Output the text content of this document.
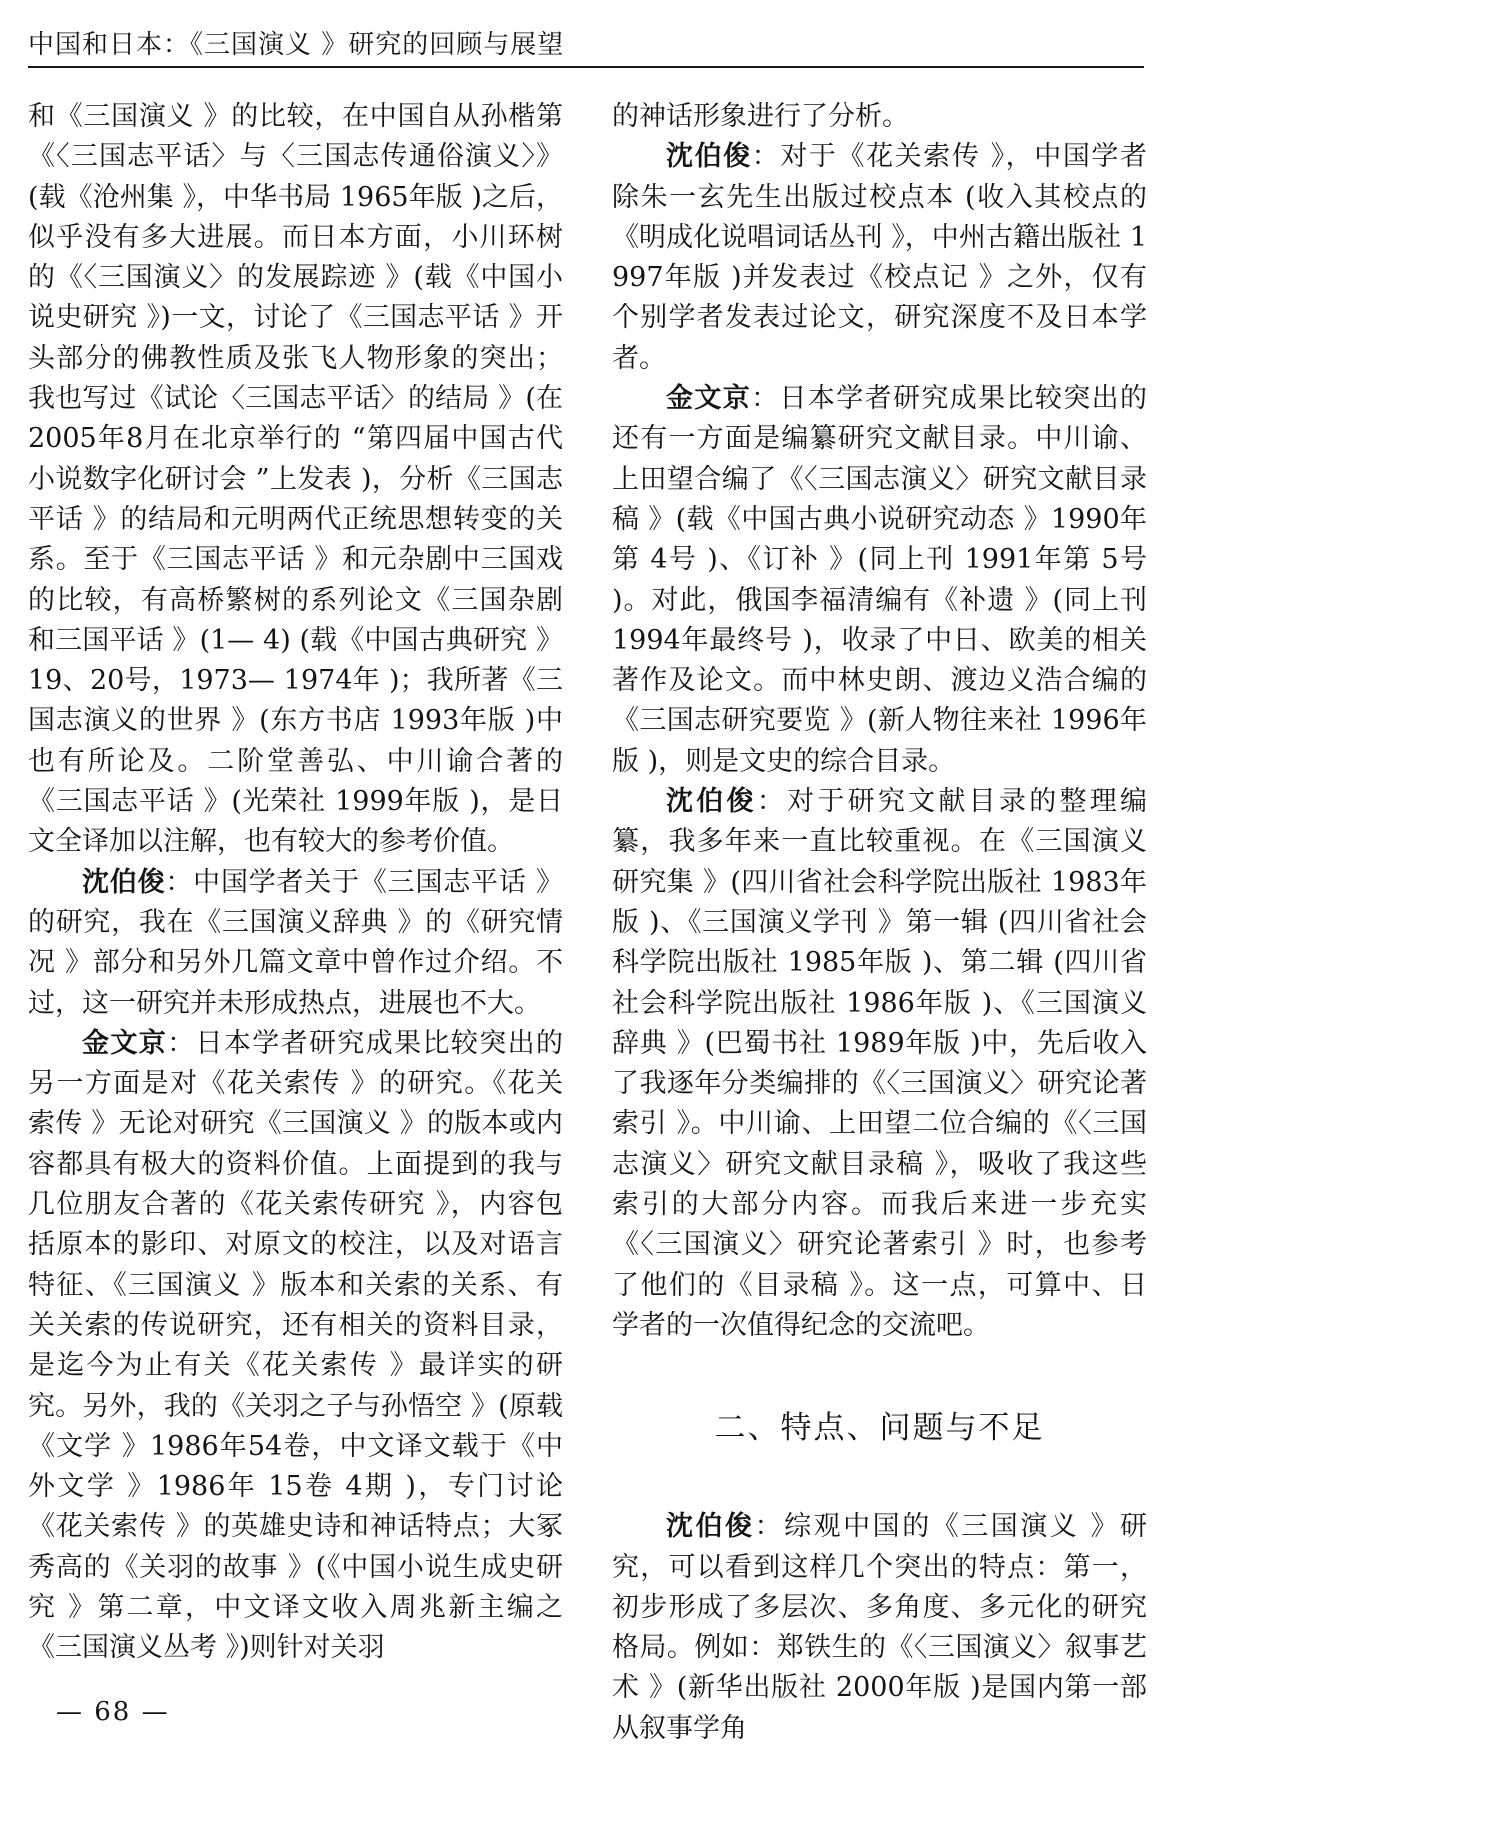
中国和日本：《三国演义 》研究的回顾与展望

和《三国演义 》的比较，在中国自从孙楷第《〈三国志平话〉与〈三国志传通俗演义〉》(载《沧州集 》，中华书局 1965年版 )之后，似乎没有多大进展。而日本方面，小川环树的《〈三国演义〉的发展踪迹 》(载《中国小说史研究 》)一文，讨论了《三国志平话 》开头部分的佛教性质及张飞人物形象的突出；我也写过《试论〈三国志平话〉的结局 》(在 2005年8月在北京举行的 “第四届中国古代小说数字化研讨会 ”上发表 )，分析《三国志平话 》的结局和元明两代正统思想转变的关系。至于《三国志平话 》和元杂剧中三国戏的比较，有高桥繁树的系列论文《三国杂剧和三国平话 》(1— 4) (载《中国古典研究 》19、20号，1973— 1974年 )；我所著《三国志演义的世界 》(东方书店 1993年版 )中也有所论及。二阶堂善弘、中川谕合著的《三国志平话 》(光荣社 1999年版 )，是日文全译加以注解，也有较大的参考价值。

沈伯俊：中国学者关于《三国志平话 》的研究，我在《三国演义辞典 》的《研究情况 》部分和另外几篇文章中曾作过介绍。不过，这一研究并未形成热点，进展也不大。

金文京：日本学者研究成果比较突出的另一方面是对《花关索传 》的研究。《花关索传 》无论对研究《三国演义 》的版本或内容都具有极大的资料价值。上面提到的我与几位朋友合著的《花关索传研究 》，内容包括原本的影印、对原文的校注，以及对语言特征、《三国演义 》版本和关索的关系、有关关索的传说研究，还有相关的资料目录，是迄今为止有关《花关索传 》最详实的研究。另外，我的《关羽之子与孙悟空 》(原载《文学 》1986年54卷，中文译文载于《中外文学 》1986年 15卷 4期 )，专门讨论《花关索传 》的英雄史诗和神话特点；大冢秀高的《关羽的故事 》(《中国小说生成史研究 》第二章，中文译文收入周兆新主编之《三国演义丛考 》)则针对关羽

的神话形象进行了分析。

沈伯俊：对于《花关索传 》，中国学者除朱一玄先生出版过校点本 (收入其校点的《明成化说唱词话丛刊 》，中州古籍出版社 1997年版 )并发表过《校点记 》之外，仅有个别学者发表过论文，研究深度不及日本学者。

金文京：日本学者研究成果比较突出的还有一方面是编纂研究文献目录。中川谕、上田望合编了《〈三国志演义〉研究文献目录稿 》(载《中国古典小说研究动态 》1990年第 4号 )、《订补 》(同上刊 1991年第 5号 )。对此，俄国李福清编有《补遗 》(同上刊 1994年最终号 )，收录了中日、欧美的相关著作及论文。而中林史朗、渡边义浩合编的《三国志研究要览 》(新人物往来社 1996年版 )，则是文史的综合目录。

沈伯俊：对于研究文献目录的整理编纂，我多年来一直比较重视。在《三国演义研究集 》(四川省社会科学院出版社 1983年版 )、《三国演义学刊 》第一辑 (四川省社会科学院出版社 1985年版 )、第二辑 (四川省社会科学院出版社 1986年版 )、《三国演义辞典 》(巴蜀书社 1989年版 )中，先后收入了我逐年分类编排的《〈三国演义〉研究论著索引 》。中川谕、上田望二位合编的《〈三国志演义〉研究文献目录稿 》，吸收了我这些索引的大部分内容。而我后来进一步充实《〈三国演义〉研究论著索引 》时，也参考了他们的《目录稿 》。这一点，可算中、日学者的一次值得纪念的交流吧。

二、特点、问题与不足

沈伯俊：综观中国的《三国演义 》研究，可以看到这样几个突出的特点：第一，初步形成了多层次、多角度、多元化的研究格局。例如：郑铁生的《〈三国演义〉叙事艺术 》(新华出版社 2000年版 )是国内第一部从叙事学角

— 68 —
